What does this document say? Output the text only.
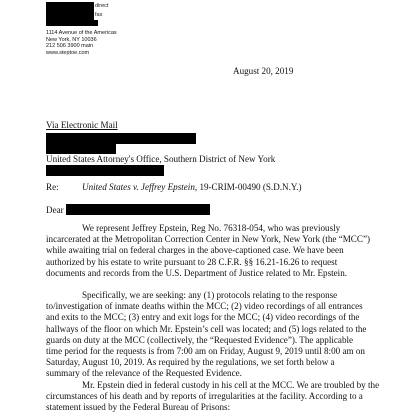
direct
fax
1114 Avenue of the Americas
New York, NY 10036
212 506 3900 main
www.steptoe.com
August 20, 2019
Via Electronic Mail
United States Attorney's Office, Southern District of New York
Re:	United States v. Jeffrey Epstein, 19-CRIM-00490 (S.D.N.Y.)
Dear
We represent Jeffrey Epstein, Reg No. 76318-054, who was previously
incarcerated at the Metropolitan Correction Center in New York, New York (the “MCC”)
while awaiting trial on federal charges in the above-captioned case. We have been
authorized by his estate to write pursuant to 28 C.F.R. §§ 16.21-16.26 to request
documents and records from the U.S. Department of Justice related to Mr. Epstein.
Specifically, we are seeking: any (1) protocols relating to the response
to/investigation of inmate deaths within the MCC; (2) video recordings of all entrances
and exits to the MCC; (3) entry and exit logs for the MCC; (4) video recordings of the
hallways of the floor on which Mr. Epstein’s cell was located; and (5) logs related to the
guards on duty at the MCC (collectively, the “Requested Evidence”). The applicable
time period for the requests is from 7:00 am on Friday, August 9, 2019 until 8:00 am on
Saturday, August 10, 2019. As required by the regulations, we set forth below a
summary of the relevance of the Requested Evidence.
Mr. Epstein died in federal custody in his cell at the MCC. We are troubled by the
circumstances of his death and by reports of irregularities at the facility. According to a
statement issued by the Federal Bureau of Prisons:
